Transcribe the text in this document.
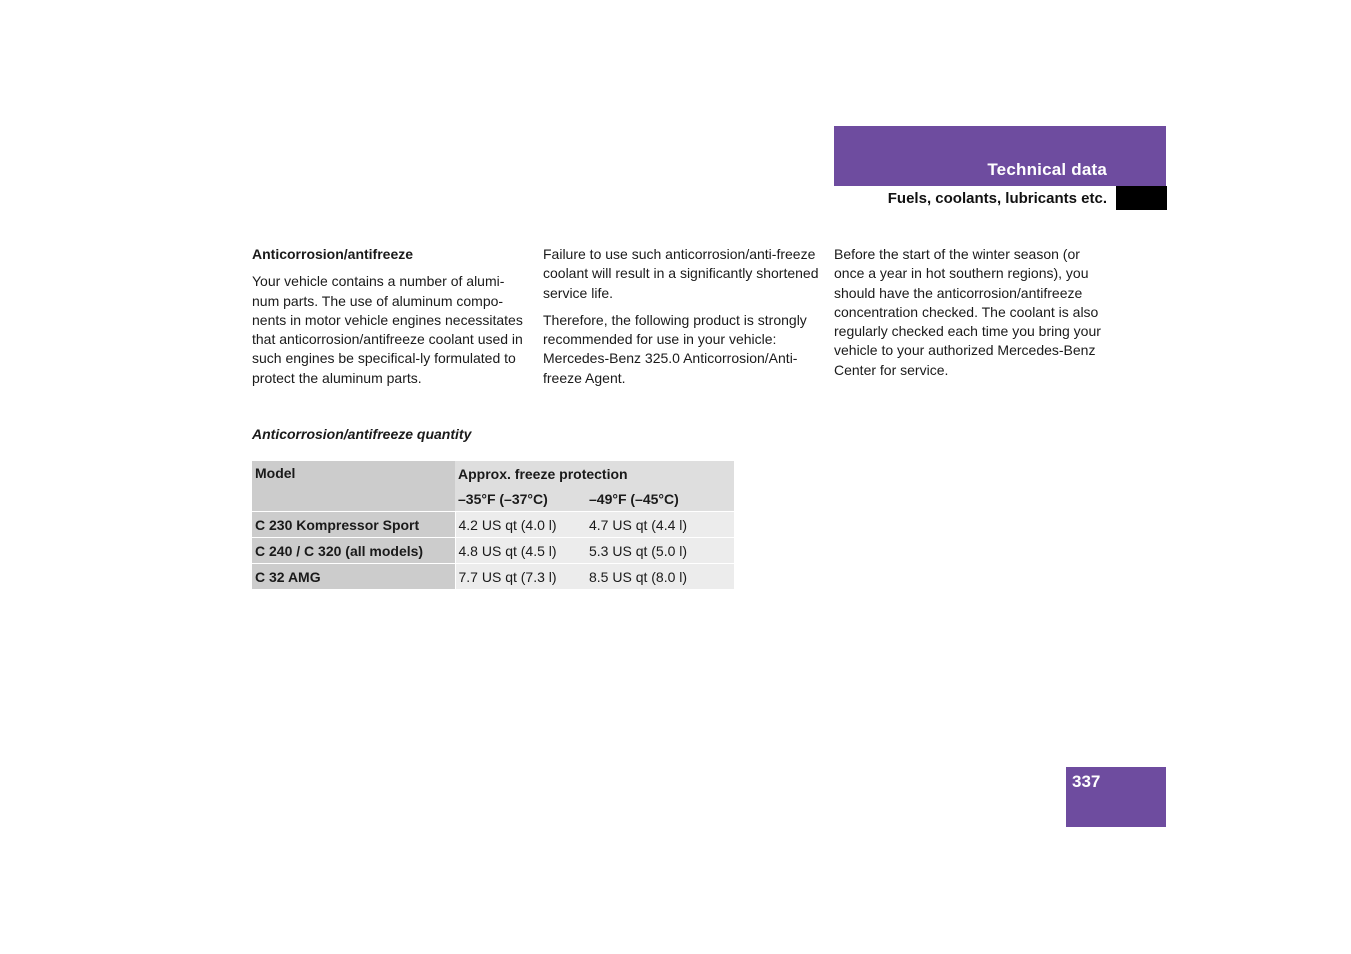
Technical data
Fuels, coolants, lubricants etc.
Anticorrosion/antifreeze

Your vehicle contains a number of alumi-num parts. The use of aluminum compo-nents in motor vehicle engines necessitates that anticorrosion/antifreeze coolant used in such engines be specifical-ly formulated to protect the aluminum parts.

Failure to use such anticorrosion/anti-freeze coolant will result in a significantly shortened service life.

Therefore, the following product is strongly recommended for use in your vehicle: Mercedes-Benz 325.0 Anticorrosion/Anti-freeze Agent.

Before the start of the winter season (or once a year in hot southern regions), you should have the anticorrosion/antifreeze concentration checked. The coolant is also regularly checked each time you bring your vehicle to your authorized Mercedes-Benz Center for service.

Anticorrosion/antifreeze quantity
Model	Approx. freeze protection	
	–35°F (–37°C)	–49°F (–45°C)
C 230 Kompressor Sport	4.2 US qt (4.0 l)	4.7 US qt (4.4 l)
C 240 / C 320 (all models)	4.8 US qt (4.5 l)	5.3 US qt (5.0 l)
C 32 AMG	7.7 US qt (7.3 l)	8.5 US qt (8.0 l)
337
